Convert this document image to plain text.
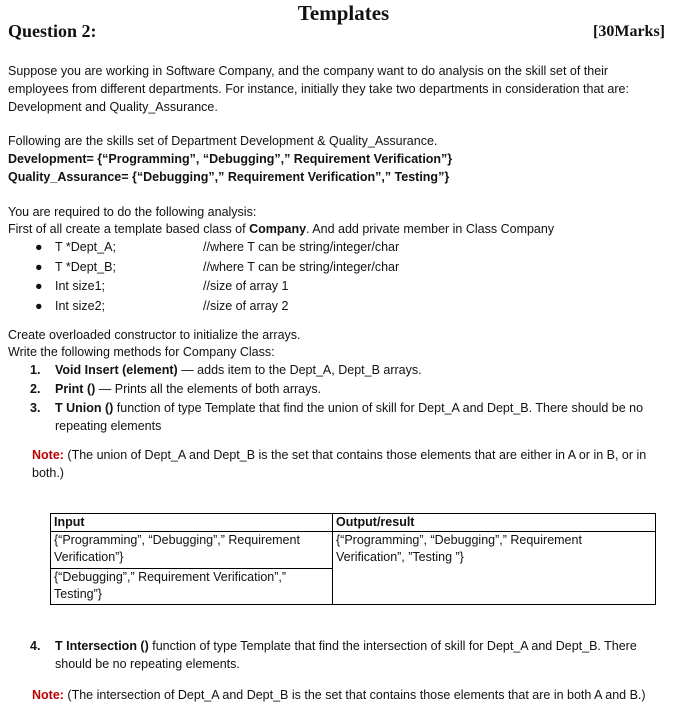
Templates
Question 2:	[30Marks]

Suppose you are working in Software Company, and the company want to do analysis on the skill set of their employees from different departments. For instance, initially they take two departments in consideration that are: Development and Quality_Assurance.

Following are the skills set of Department Development & Quality_Assurance.

Development= {“Programming”, “Debugging”,” Requirement Verification”}

Quality_Assurance= {“Debugging”,” Requirement Verification”,” Testing”}

You are required to do the following analysis:

First of all create a template based class of Company. And add private member in Class Company

● T *Dept_A;	//where T can be string/integer/char
● T *Dept_B;	//where T can be string/integer/char
● Int size1;	//size of array 1
● Int size2;	//size of array 2

Create overloaded constructor to initialize the arrays.

Write the following methods for Company Class:

1. Void Insert (element) — adds item to the Dept_A, Dept_B arrays.
2. Print () — Prints all the elements of both arrays.
3. T Union () function of type Template that find the union of skill for Dept_A and Dept_B. There should be no repeating elements

Note: (The union of Dept_A and Dept_B is the set that contains those elements that are either in A or in B, or in both.)

Input	Output/result
{“Programming”, “Debugging”,” Requirement Verification”}	{“Programming”, “Debugging”,” Requirement Verification”, ”Testing ”}
{“Debugging”,” Requirement Verification”,” Testing”}	
4. T Intersection () function of type Template that find the intersection of skill for Dept_A and Dept_B. There should be no repeating elements.

Note: (The intersection of Dept_A and Dept_B is the set that contains those elements that are in both A and B.)
